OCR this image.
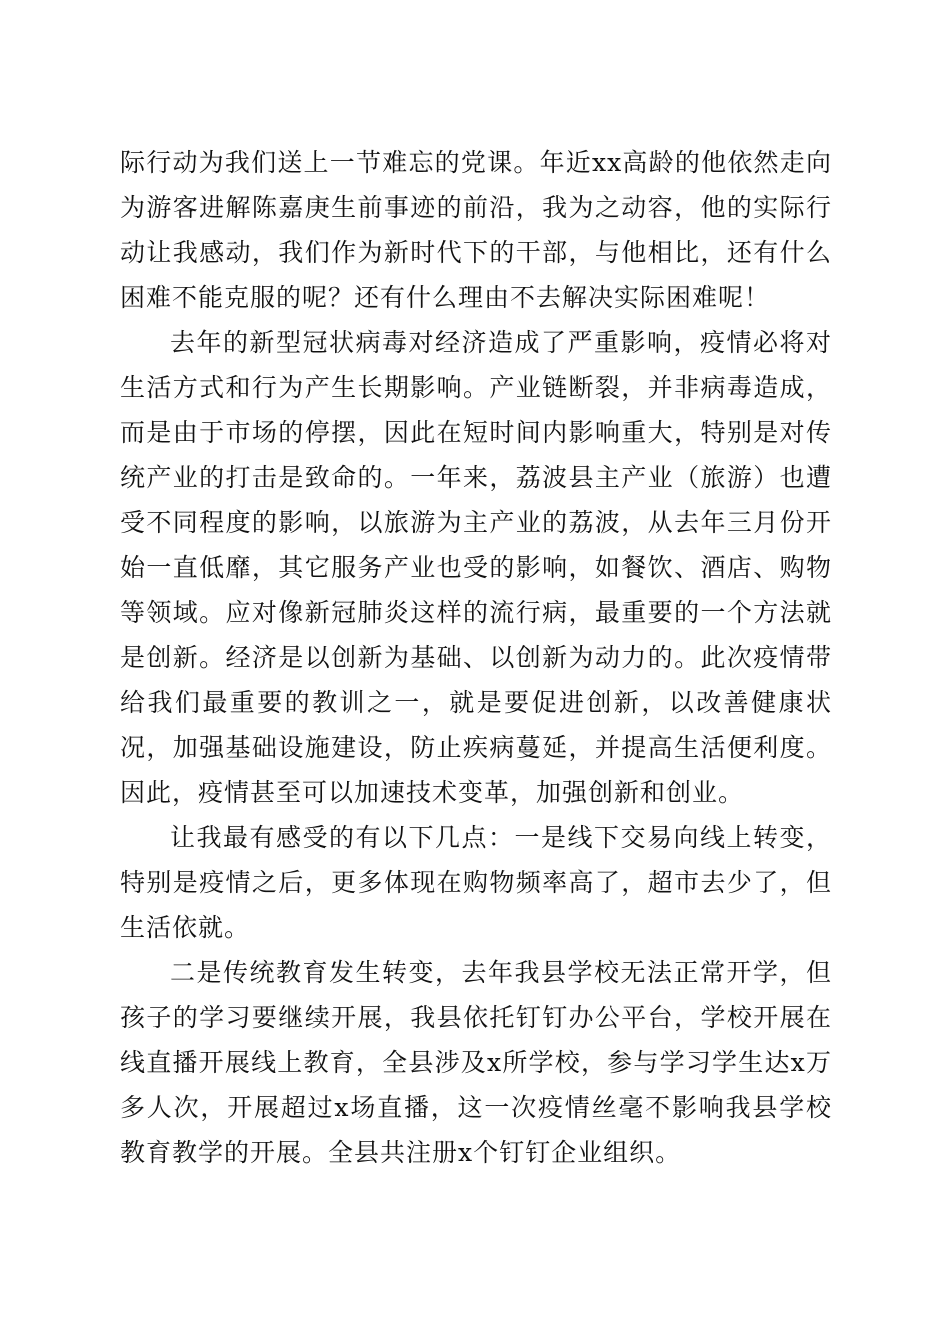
际行动为我们送上一节难忘的党课。年近xx高龄的他依然走向为游客进解陈嘉庚生前事迹的前沿，我为之动容，他的实际行动让我感动，我们作为新时代下的干部，与他相比，还有什么困难不能克服的呢？还有什么理由不去解决实际困难呢！

去年的新型冠状病毒对经济造成了严重影响，疫情必将对生活方式和行为产生长期影响。产业链断裂，并非病毒造成，而是由于市场的停摆，因此在短时间内影响重大，特别是对传统产业的打击是致命的。一年来，荔波县主产业（旅游）也遭受不同程度的影响，以旅游为主产业的荔波，从去年三月份开始一直低靡，其它服务产业也受的影响，如餐饮、酒店、购物等领域。应对像新冠肺炎这样的流行病，最重要的一个方法就是创新。经济是以创新为基础、以创新为动力的。此次疫情带给我们最重要的教训之一，就是要促进创新，以改善健康状况，加强基础设施建设，防止疾病蔓延，并提高生活便利度。因此，疫情甚至可以加速技术变革，加强创新和创业。

让我最有感受的有以下几点：一是线下交易向线上转变，特别是疫情之后，更多体现在购物频率高了，超市去少了，但生活依就。

二是传统教育发生转变，去年我县学校无法正常开学，但孩子的学习要继续开展，我县依托钉钉办公平台，学校开展在线直播开展线上教育，全县涉及x所学校，参与学习学生达x万多人次，开展超过x场直播，这一次疫情丝毫不影响我县学校教育教学的开展。全县共注册x个钉钉企业组织。
